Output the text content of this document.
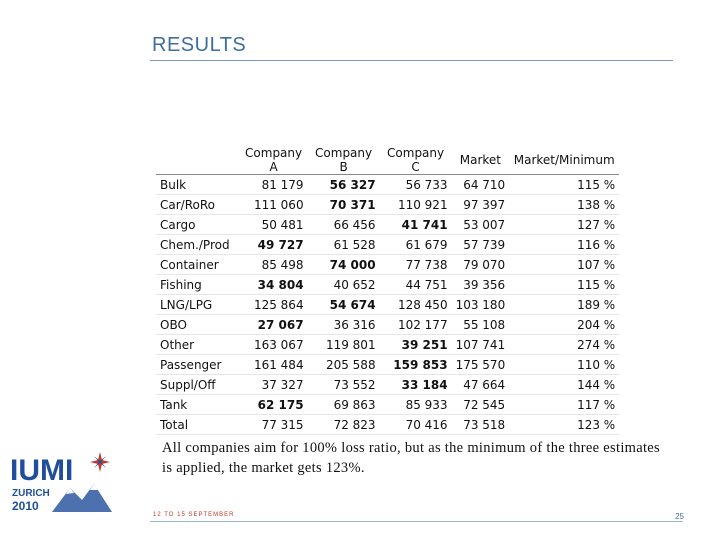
RESULTS
	Company A	Company B	Company C	Market	Market/Minimum
Bulk	81 179	56 327	56 733	64 710	115 %
Car/RoRo	111 060	70 371	110 921	97 397	138 %
Cargo	50 481	66 456	41 741	53 007	127 %
Chem./Prod	49 727	61 528	61 679	57 739	116 %
Container	85 498	74 000	77 738	79 070	107 %
Fishing	34 804	40 652	44 751	39 356	115 %
LNG/LPG	125 864	54 674	128 450	103 180	189 %
OBO	27 067	36 316	102 177	55 108	204 %
Other	163 067	119 801	39 251	107 741	274 %
Passenger	161 484	205 588	159 853	175 570	110 %
Suppl/Off	37 327	73 552	33 184	47 664	144 %
Tank	62 175	69 863	85 933	72 545	117 %
Total	77 315	72 823	70 416	73 518	123 %
All companies aim for 100% loss ratio, but as the minimum of the three estimates is applied, the market gets 123%.
IUMI
ZURICH
2010
12 TO 15 SEPTEMBER	25
